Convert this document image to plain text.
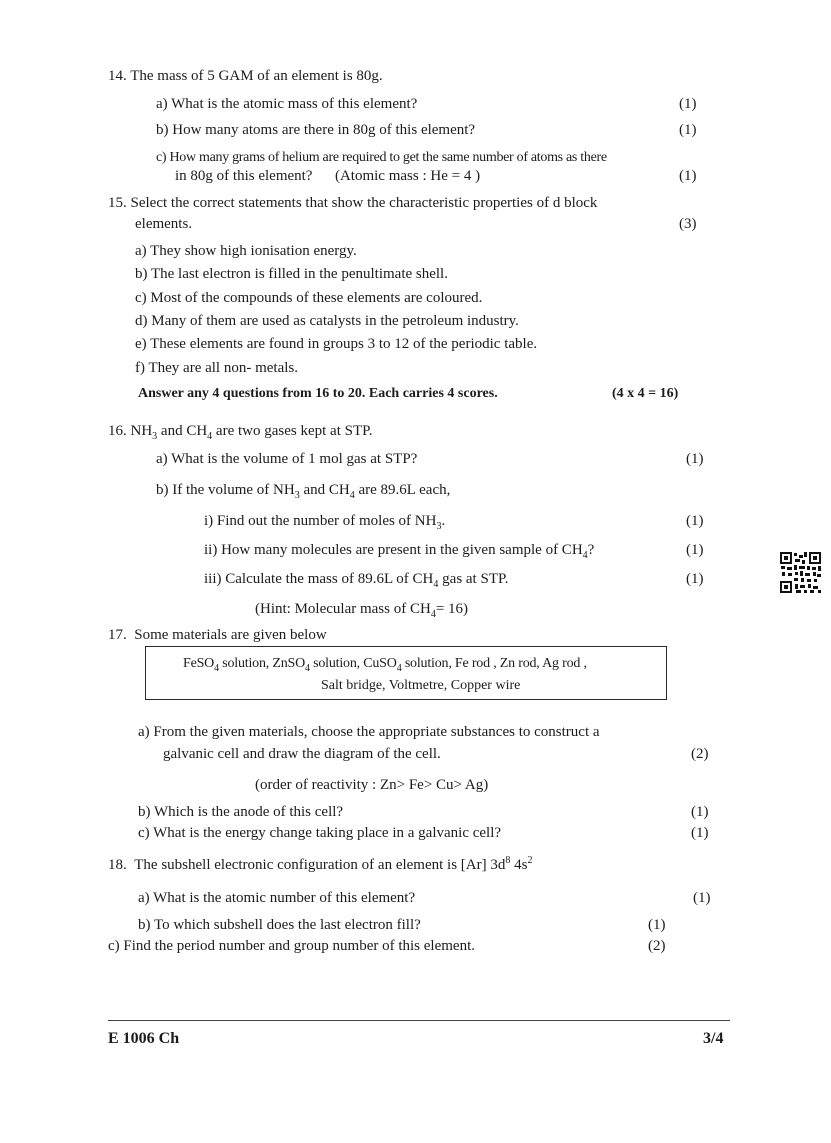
14. The mass of 5 GAM of an element is 80g.
a) What is the atomic mass of this element?	(1)
b) How many atoms are there in 80g of this element?	(1)
c) How many grams of helium are required to get the same number of atoms as there
in 80g of this element? (Atomic mass : He = 4 )	(1)
15. Select the correct statements that show the characteristic properties of d block
elements.	(3)
a) They show high ionisation energy.
b) The last electron is filled in the penultimate shell.
c) Most of the compounds of these elements are coloured.
d) Many of them are used as catalysts in the petroleum industry.
e) These elements are found in groups 3 to 12 of the periodic table.
f) They are all non- metals.
Answer any 4 questions from 16 to 20. Each carries 4 scores.	(4 x 4 = 16)
16. $NH_3$ and $CH_4$ are two gases kept at STP.
a) What is the volume of 1 mol gas at STP?	(1)
b) If the volume of $NH_3$ and $CH_4$ are 89.6L each,
i) Find out the number of moles of $NH_3$.	(1)
ii) How many molecules are present in the given sample of $CH_4$?	(1)
iii) Calculate the mass of 89.6L of $CH_4$ gas at STP.	(1)
(Hint: Molecular mass of $CH_4= 16$)
17. Some materials are given below
FeSO$_4$ solution, ZnSO$_4$ solution, CuSO$_4$ solution, Fe rod , Zn rod, Ag rod ,
Salt bridge, Voltmetre, Copper wire
a) From the given materials, choose the appropriate substances to construct a
galvanic cell and draw the diagram of the cell.	(2)
(order of reactivity : Zn> Fe> Cu> Ag)
b) Which is the anode of this cell?	(1)
c) What is the energy change taking place in a galvanic cell?	(1)
18. The subshell electronic configuration of an element is [Ar] $3d^8$ $4s^2$
a) What is the atomic number of this element?	(1)
b) To which subshell does the last electron fill?	(1)
c) Find the period number and group number of this element.	(2)
E 1006 Ch	3/4
